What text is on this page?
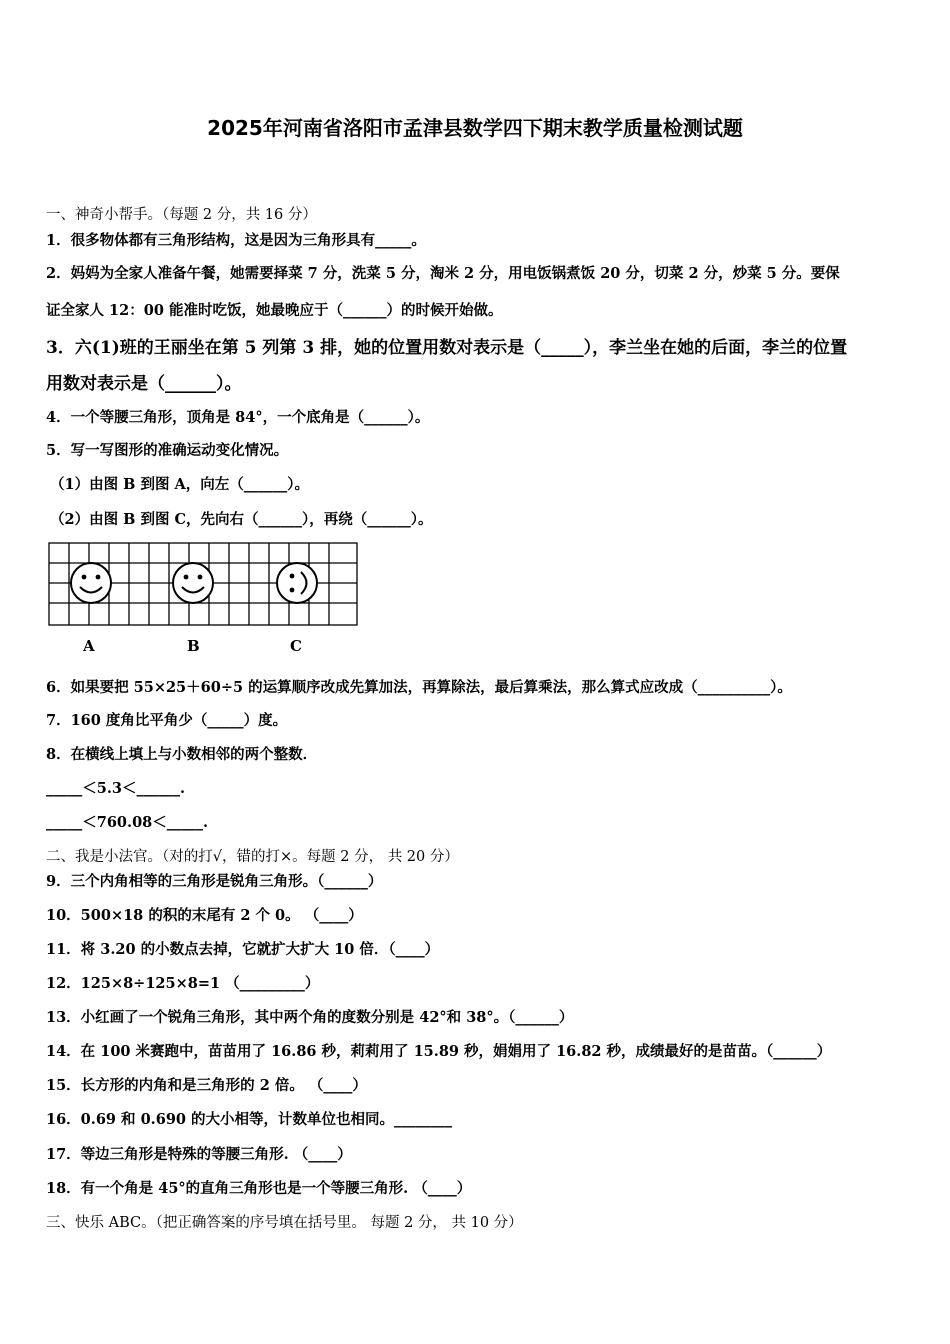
2025年河南省洛阳市孟津县数学四下期末教学质量检测试题
一、神奇小帮手。（每题 2 分，共 16 分）
1．很多物体都有三角形结构，这是因为三角形具有_____。
2．妈妈为全家人准备午餐，她需要择菜 7 分，洗菜 5 分，淘米 2 分，用电饭锅煮饭 20 分，切菜 2 分，炒菜 5 分。要保
证全家人 12：00 能准时吃饭，她最晚应于（______）的时候开始做。
3．六(1)班的王丽坐在第 5 列第 3 排，她的位置用数对表示是（_____），李兰坐在她的后面，李兰的位置
用数对表示是（______）。
4．一个等腰三角形，顶角是 84°，一个底角是（______）。
5．写一写图形的准确运动变化情况。
（1）由图 B 到图 A，向左（______）。
（2）由图 B 到图 C，先向右（______），再绕（______）。
A	B	C
6．如果要把 55×25＋60÷5 的运算顺序改成先算加法，再算除法，最后算乘法，那么算式应改成（__________）。
7．160 度角比平角少（_____）度。
8．在横线上填上与小数相邻的两个整数．
_____＜5.3＜______.
_____＜760.08＜_____.
二、我是小法官。（对的打√，错的打×。每题 2 分， 共 20 分）
9．三个内角相等的三角形是锐角三角形。（______）
10．500×18 的积的末尾有 2 个 0。 （____）
11．将 3.20 的小数点去掉，它就扩大扩大 10 倍．（____）
12．125×8÷125×8=1 （_________）
13．小红画了一个锐角三角形，其中两个角的度数分别是 42°和 38°。（______）
14．在 100 米赛跑中，苗苗用了 16.86 秒，莉莉用了 15.89 秒，娟娟用了 16.82 秒，成绩最好的是苗苗。（______）
15．长方形的内角和是三角形的 2 倍。 （____）
16．0.69 和 0.690 的大小相等，计数单位也相同。________
17．等边三角形是特殊的等腰三角形. （____）
18．有一个角是 45°的直角三角形也是一个等腰三角形. （____）
三、快乐 ABC。（把正确答案的序号填在括号里。 每题 2 分， 共 10 分）
